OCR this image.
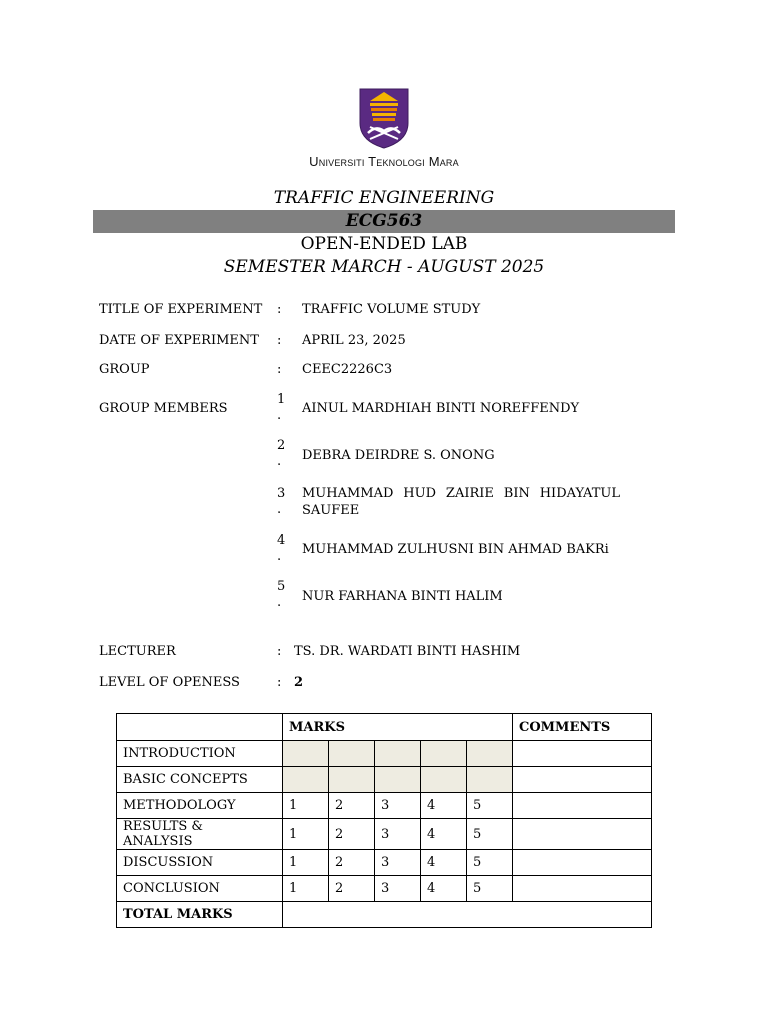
Universiti Teknologi Mara
TRAFFIC ENGINEERING
ECG563
OPEN-ENDED LAB
SEMESTER MARCH - AUGUST 2025
TITLE OF EXPERIMENT : TRAFFIC VOLUME STUDY
DATE OF EXPERIMENT : APRIL 23, 2025
GROUP	: CEEC2226C3
GROUP MEMBERS
1
.	AINUL MARDHIAH BINTI NOREFFENDY
2
.	DEBRA DEIRDRE S. ONONG
3
.
MUHAMMAD HUD ZAIRIE BIN HIDAYATUL SAUFEE
4
.	MUHAMMAD ZULHUSNI BIN AHMAD BAKRi
5
.	NUR FARHANA BINTI HALIM
LECTURER	: TS. DR. WARDATI BINTI HASHIM
LEVEL OF OPENESS	: 2
	MARKS					COMMENTS
INTRODUCTION						
BASIC CONCEPTS						
METHODOLOGY	1	2	3	4	5	
RESULTS & ANALYSIS	1	2	3	4	5	
DISCUSSION	1	2	3	4	5	
CONCLUSION	1	2	3	4	5	
TOTAL MARKS						
